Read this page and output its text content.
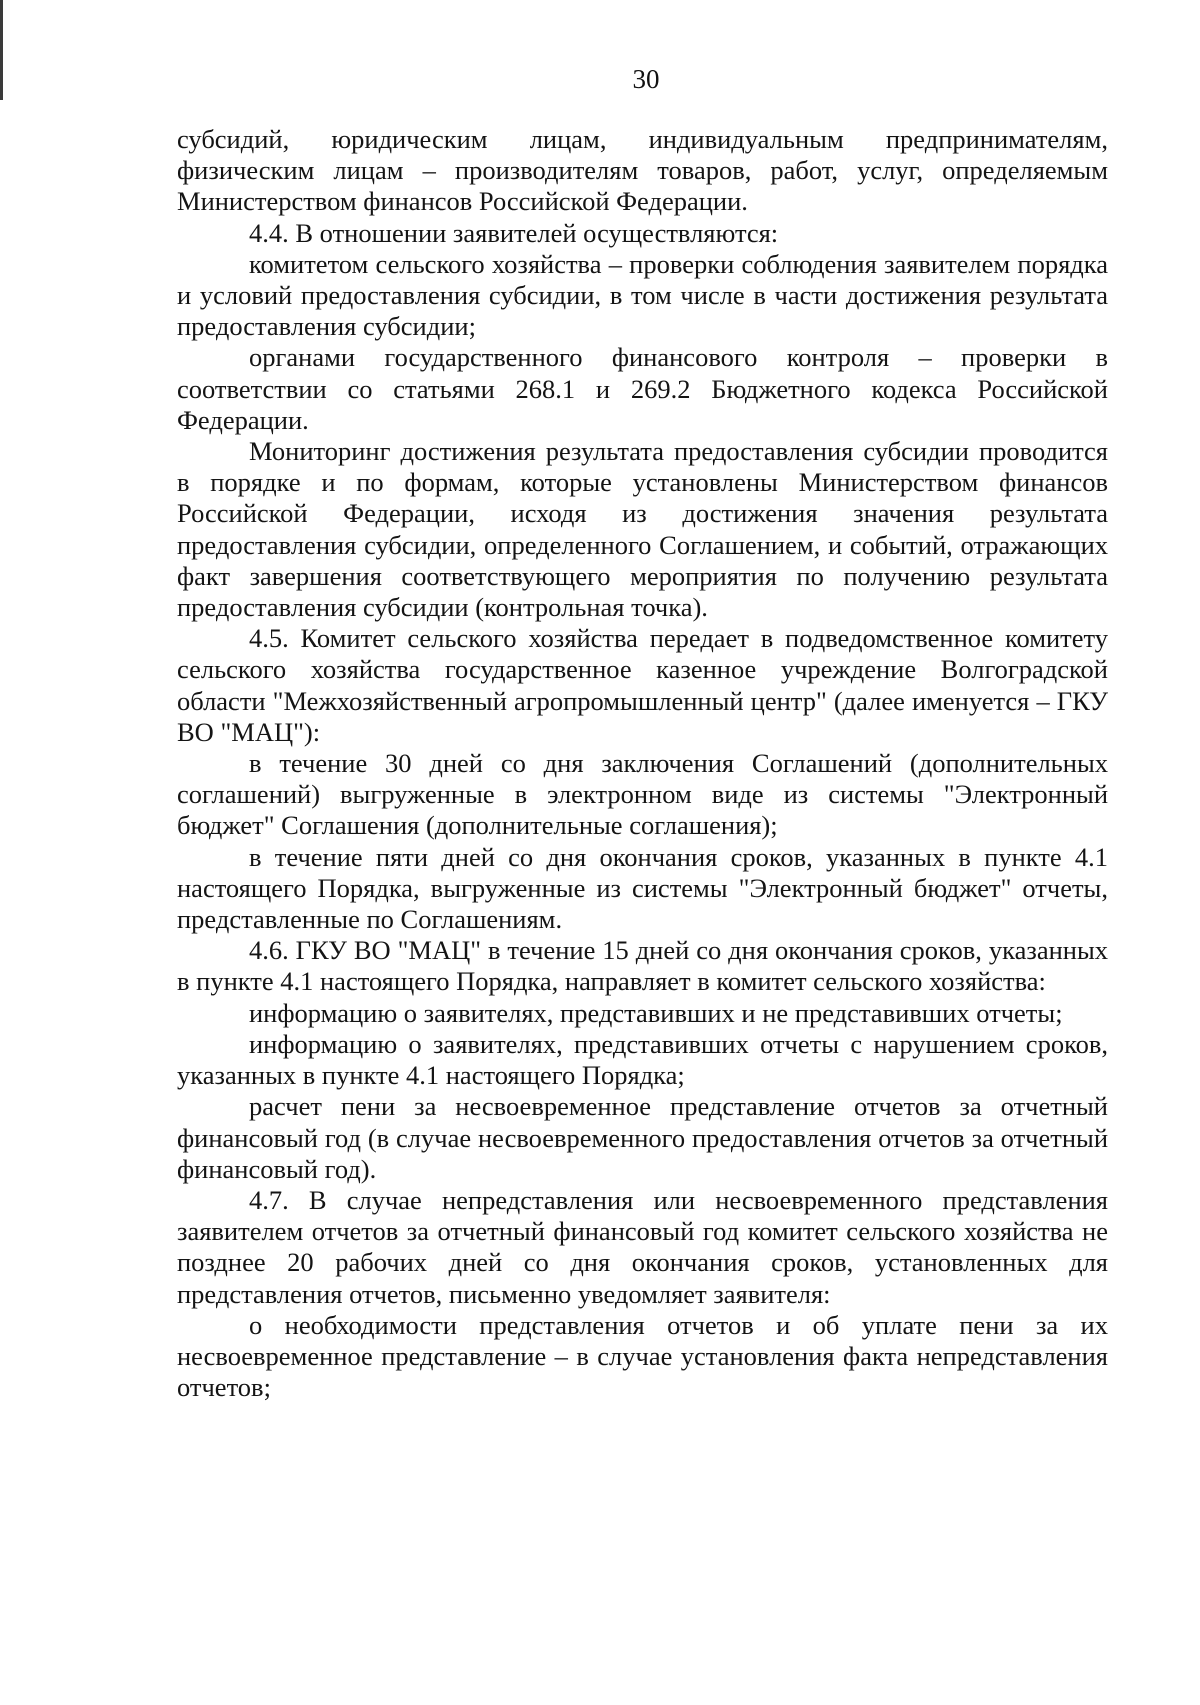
30

субсидий, юридическим лицам, индивидуальным предпринимателям, физическим лицам – производителям товаров, работ, услуг, определяемым Министерством финансов Российской Федерации.

4.4. В отношении заявителей осуществляются:

комитетом сельского хозяйства – проверки соблюдения заявителем порядка и условий предоставления субсидии, в том числе в части достижения результата предоставления субсидии;

органами государственного финансового контроля – проверки в соответствии со статьями 268.1 и 269.2 Бюджетного кодекса Российской Федерации.

Мониторинг достижения результата предоставления субсидии проводится в порядке и по формам, которые установлены Министерством финансов Российской Федерации, исходя из достижения значения результата предоставления субсидии, определенного Соглашением, и событий, отражающих факт завершения соответствующего мероприятия по получению результата предоставления субсидии (контрольная точка).

4.5. Комитет сельского хозяйства передает в подведомственное комитету сельского хозяйства государственное казенное учреждение Волгоградской области "Межхозяйственный агропромышленный центр" (далее именуется – ГКУ ВО "МАЦ"):

в течение 30 дней со дня заключения Соглашений (дополнительных соглашений) выгруженные в электронном виде из системы "Электронный бюджет" Соглашения (дополнительные соглашения);

в течение пяти дней со дня окончания сроков, указанных в пункте 4.1 настоящего Порядка, выгруженные из системы "Электронный бюджет" отчеты, представленные по Соглашениям.

4.6. ГКУ ВО "МАЦ" в течение 15 дней со дня окончания сроков, указанных в пункте 4.1 настоящего Порядка, направляет в комитет сельского хозяйства:

информацию о заявителях, представивших и не представивших отчеты;

информацию о заявителях, представивших отчеты с нарушением сроков, указанных в пункте 4.1 настоящего Порядка;

расчет пени за несвоевременное представление отчетов за отчетный финансовый год (в случае несвоевременного предоставления отчетов за отчетный финансовый год).

4.7. В случае непредставления или несвоевременного представления заявителем отчетов за отчетный финансовый год комитет сельского хозяйства не позднее 20 рабочих дней со дня окончания сроков, установленных для представления отчетов, письменно уведомляет заявителя:

о необходимости представления отчетов и об уплате пени за их несвоевременное представление – в случае установления факта непредставления отчетов;
